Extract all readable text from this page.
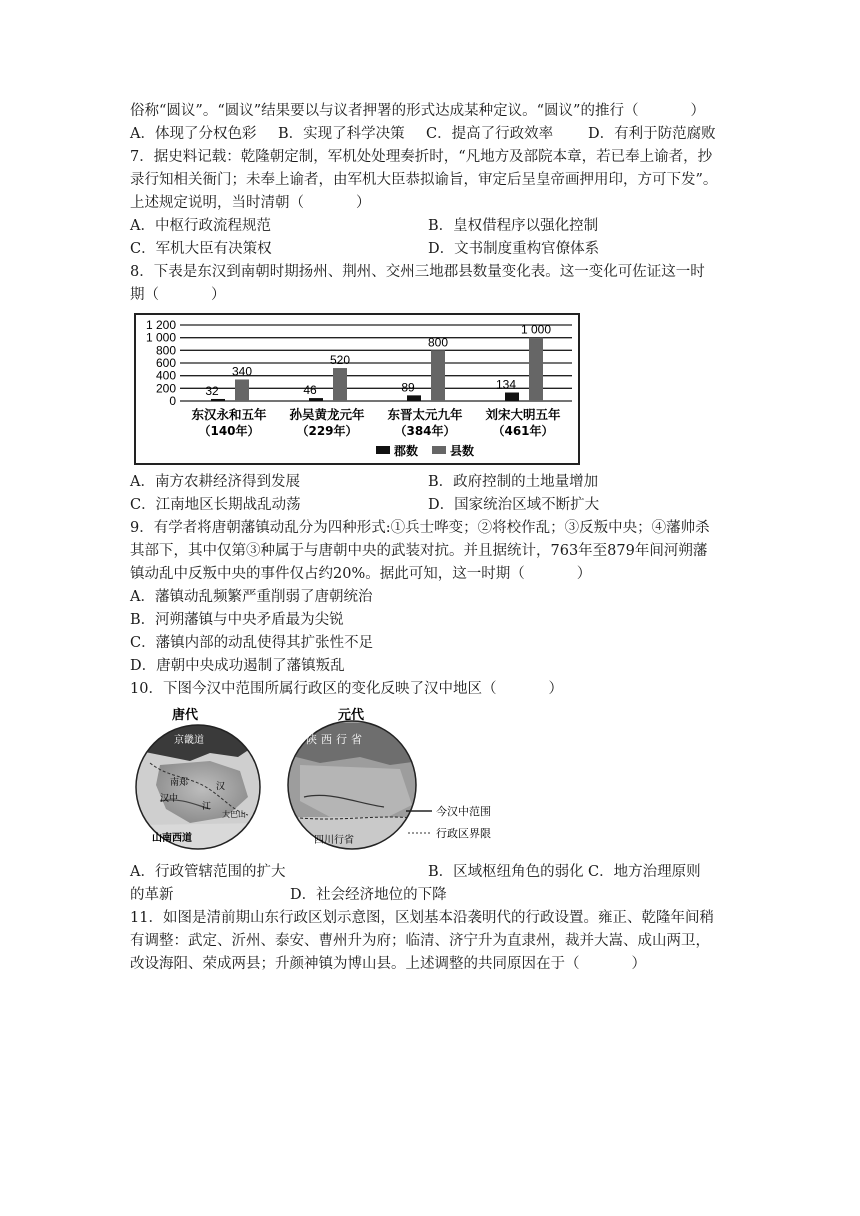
俗称“圆议”。“圆议”结果要以与议者押署的形式达成某种定议。“圆议”的推行（	）
A．体现了分权色彩	B．实现了科学决策	C．提高了行政效率	D．有利于防范腐败
7．据史料记载：乾隆朝定制，军机处处理奏折时，“凡地方及部院本章，若已奉上谕者，抄
录行知相关衙门；未奉上谕者，由军机大臣恭拟谕旨，审定后呈皇帝画押用印，方可下发”。
上述规定说明，当时清朝（	）
A．中枢行政流程规范	B．皇权借程序以强化控制
C．军机大臣有决策权	D．文书制度重构官僚体系
8．下表是东汉到南朝时期扬州、荆州、交州三地郡县数量变化表。这一变化可佐证这一时
期（	）
1 200
1 000
800
600
400
200
0
32
340
东汉永和五年
（140年）
46
520
孙吴黄龙元年
（229年）
89
800
东晋太元九年
（384年）
134
1 000
刘宋大明五年
（461年）
郡数	县数
A．南方农耕经济得到发展	B．政府控制的土地量增加
C．江南地区长期战乱动荡	D．国家统治区域不断扩大
9．有学者将唐朝藩镇动乱分为四种形式:①兵士哗变；②将校作乱；③反叛中央；④藩帅杀
其部下，其中仅第③种属于与唐朝中央的武装对抗。并且据统计，763年至879年间河朔藩
镇动乱中反叛中央的事件仅占约20%。据此可知，这一时期（	）
A．藩镇动乱频繁严重削弱了唐朝统治
B．河朔藩镇与中央矛盾最为尖锐
C．藩镇内部的动乱使得其扩张性不足
D．唐朝中央成功遏制了藩镇叛乱
10．下图今汉中范围所属行政区的变化反映了汉中地区（	）
唐代
京畿道
南郑
汉中
山南西道
汉
江
大巴山
元代
陕西行省
四川行省
今汉中范围
行政区界限
A．行政管辖范围的扩大	B．区域枢纽角色的弱化 C．地方治理原则
的革新	D．社会经济地位的下降
11．如图是清前期山东行政区划示意图，区划基本沿袭明代的行政设置。雍正、乾隆年间稍
有调整：武定、沂州、泰安、曹州升为府；临清、济宁升为直隶州，裁并大嵩、成山两卫，
改设海阳、荣成两县；升颜神镇为博山县。上述调整的共同原因在于（	）
